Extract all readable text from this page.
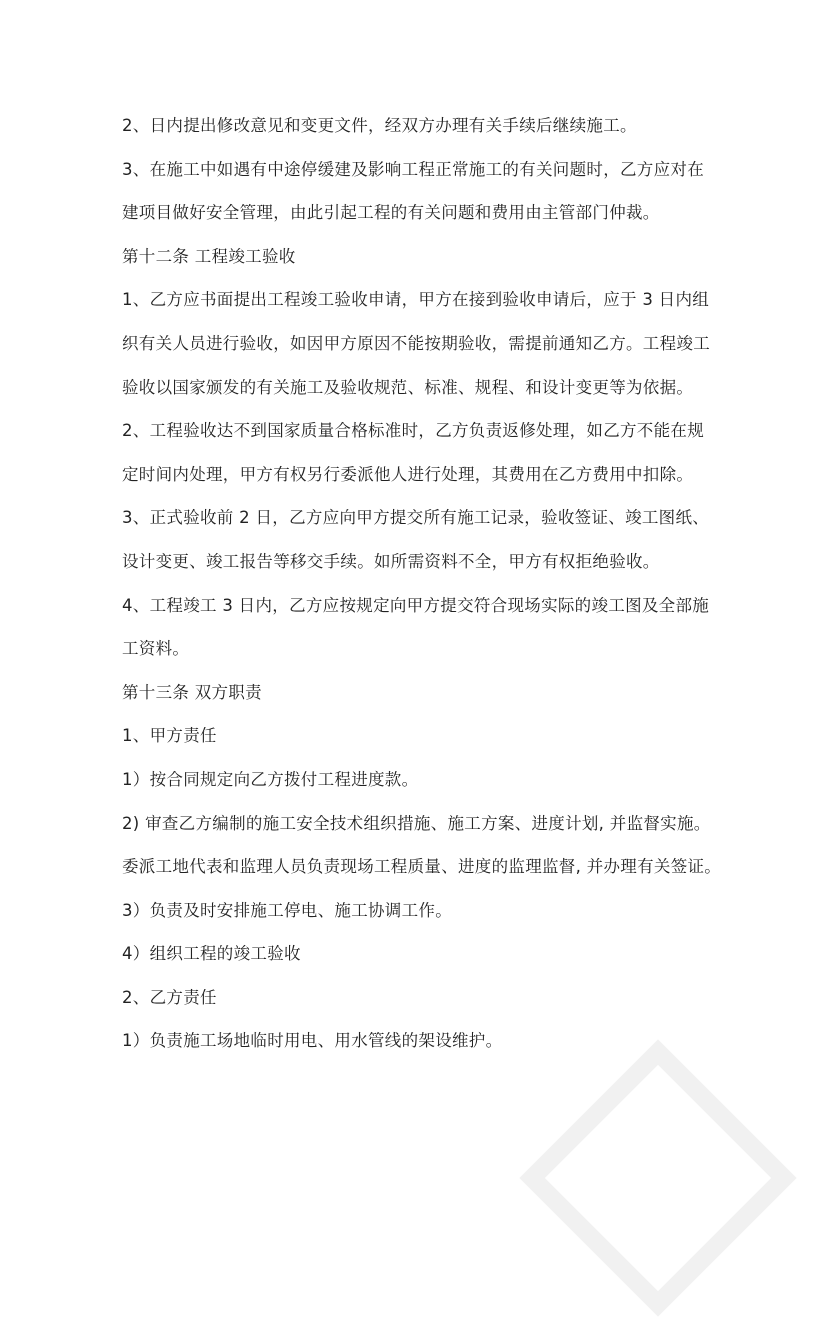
2、日内提出修改意见和变更文件，经双方办理有关手续后继续施工。
3、在施工中如遇有中途停缓建及影响工程正常施工的有关问题时，乙方应对在
建项目做好安全管理，由此引起工程的有关问题和费用由主管部门仲裁。
第十二条 工程竣工验收
1、乙方应书面提出工程竣工验收申请，甲方在接到验收申请后，应于 3 日内组
织有关人员进行验收，如因甲方原因不能按期验收，需提前通知乙方。工程竣工
验收以国家颁发的有关施工及验收规范、标准、规程、和设计变更等为依据。
2、工程验收达不到国家质量合格标准时，乙方负责返修处理，如乙方不能在规
定时间内处理，甲方有权另行委派他人进行处理，其费用在乙方费用中扣除。
3、正式验收前 2 日，乙方应向甲方提交所有施工记录，验收签证、竣工图纸、
设计变更、竣工报告等移交手续。如所需资料不全，甲方有权拒绝验收。
4、工程竣工 3 日内，乙方应按规定向甲方提交符合现场实际的竣工图及全部施
工资料。
第十三条 双方职责
1、甲方责任
1）按合同规定向乙方拨付工程进度款。
2) 审查乙方编制的施工安全技术组织措施、施工方案、进度计划, 并监督实施。
委派工地代表和监理人员负责现场工程质量、进度的监理监督, 并办理有关签证。
3）负责及时安排施工停电、施工协调工作。
4）组织工程的竣工验收
2、乙方责任
1）负责施工场地临时用电、用水管线的架设维护。
